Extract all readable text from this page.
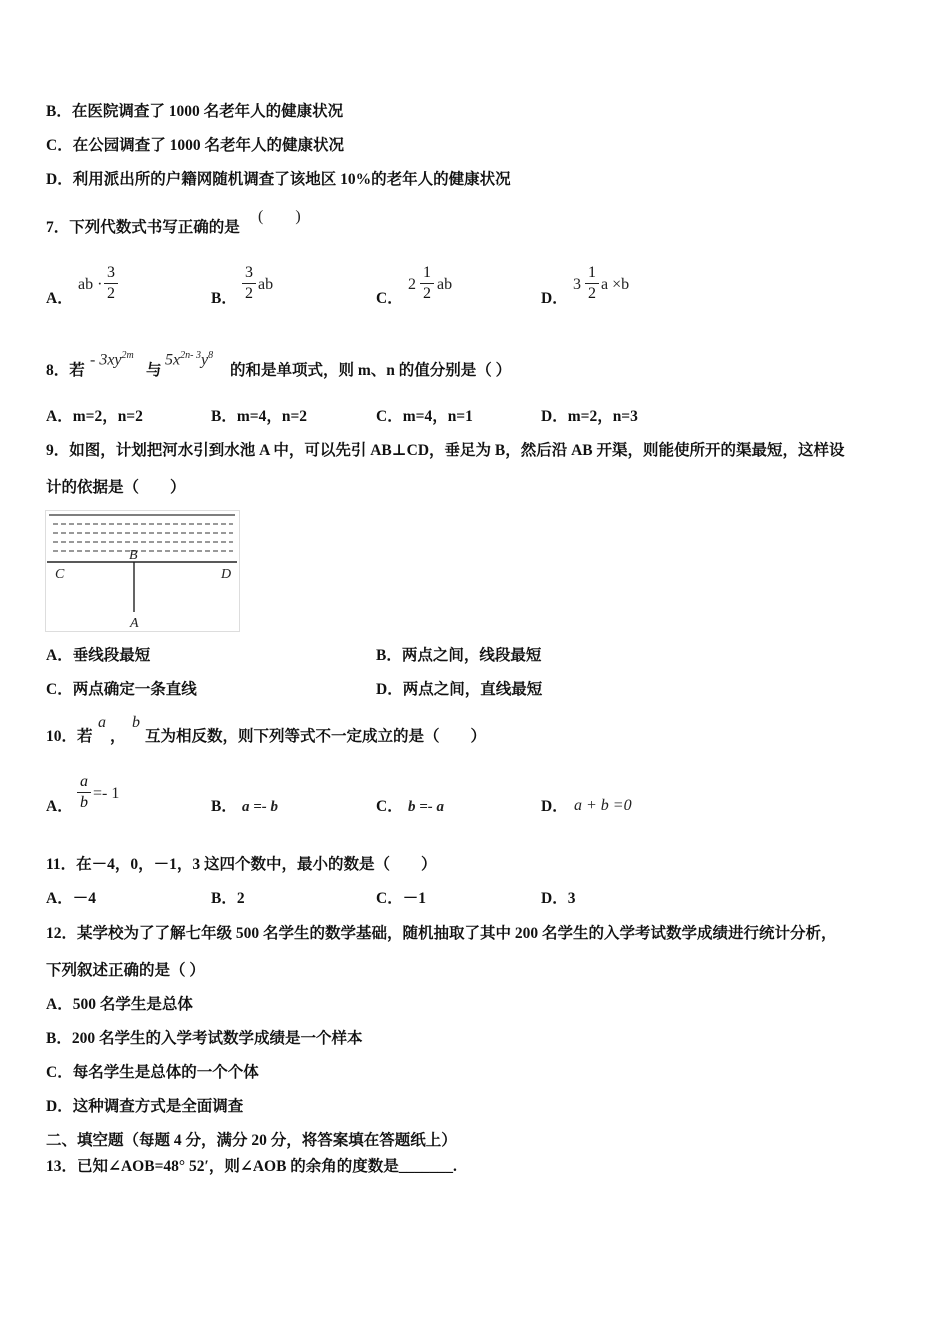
B．在医院调查了 1000 名老年人的健康状况
C．在公园调查了 1000 名老年人的健康状况
D．利用派出所的户籍网随机调查了该地区 10%的老年人的健康状况
7．下列代数式书写正确的是
(　　)
A．
ab ·
3
2	B．
3
2
ab
C．
2
1
2
ab
D．
3
1
2
a ×b
8．若
- $3xy^{2m}$
与
$5x^{2n- 3}y^8$
的和是单项式，则 m、n 的值分别是（ ）
A．m=2，n=2	B．m=4，n=2	C．m=4，n=1	D．m=2，n=3
9．如图，计划把河水引到水池 A 中，可以先引 AB⊥CD，垂足为 B，然后沿 AB 开渠，则能使所开的渠最短，这样设
计的依据是（　　）
B
C	D
A
A．垂线段最短	B．两点之间，线段最短
C．两点确定一条直线	D．两点之间，直线最短
10．若
a
，
b
互为相反数，则下列等式不一定成立的是（　　）
A．
a
b
=- 1
B． a =- b	C． b =- a	D． a + b =0
11．在－4，0，－1，3 这四个数中，最小的数是（　　）
A．－4	B．2	C．－1	D．3
12．某学校为了了解七年级 500 名学生的数学基础，随机抽取了其中 200 名学生的入学考试数学成绩进行统计分析，
下列叙述正确的是（ ）
A．500 名学生是总体
B．200 名学生的入学考试数学成绩是一个样本
C．每名学生是总体的一个个体
D．这种调查方式是全面调查
二、填空题（每题 4 分，满分 20 分，将答案填在答题纸上）
13．已知∠AOB=48° 52′，则∠AOB 的余角的度数是_______.
